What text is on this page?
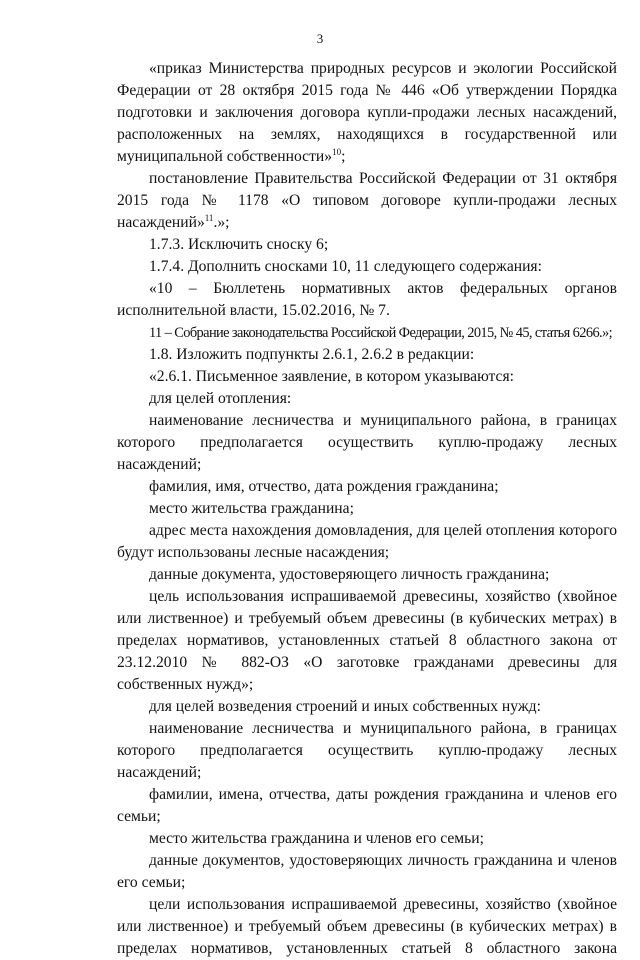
3

«приказ Министерства природных ресурсов и экологии Российской Федерации от 28 октября 2015 года № 446 «Об утверждении Порядка подготовки и заключения договора купли-продажи лесных насаждений, расположенных на землях, находящихся в государственной или муниципальной собственности»$^{10}$;

постановление Правительства Российской Федерации от 31 октября 2015 года № 1178 «О типовом договоре купли-продажи лесных насаждений»$^{11}$.»;

1.7.3. Исключить сноску 6;

1.7.4. Дополнить сносками 10, 11 следующего содержания:

«10 – Бюллетень нормативных актов федеральных органов исполнительной власти, 15.02.2016, № 7.

11 – Собрание законодательства Российской Федерации, 2015, № 45, статья 6266.»;

1.8. Изложить подпункты 2.6.1, 2.6.2 в редакции:

«2.6.1. Письменное заявление, в котором указываются:

для целей отопления:

наименование лесничества и муниципального района, в границах которого предполагается осуществить куплю-продажу лесных насаждений;

фамилия, имя, отчество, дата рождения гражданина;

место жительства гражданина;

адрес места нахождения домовладения, для целей отопления которого будут использованы лесные насаждения;

данные документа, удостоверяющего личность гражданина;

цель использования испрашиваемой древесины, хозяйство (хвойное или лиственное) и требуемый объем древесины (в кубических метрах) в пределах нормативов, установленных статьей 8 областного закона от 23.12.2010 № 882-ОЗ «О заготовке гражданами древесины для собственных нужд»;

для целей возведения строений и иных собственных нужд:

наименование лесничества и муниципального района, в границах которого предполагается осуществить куплю-продажу лесных насаждений;

фамилии, имена, отчества, даты рождения гражданина и членов его семьи;

место жительства гражданина и членов его семьи;

данные документов, удостоверяющих личность гражданина и членов его семьи;

цели использования испрашиваемой древесины, хозяйство (хвойное или лиственное) и требуемый объем древесины (в кубических метрах) в пределах нормативов, установленных статьей 8 областного закона
